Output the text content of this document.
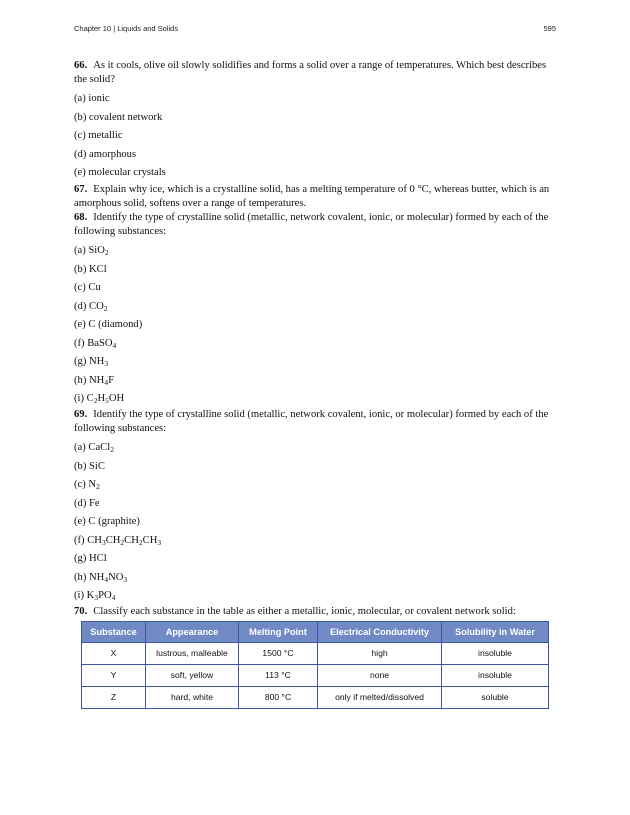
Chapter 10 | Liquids and Solids	595
66. As it cools, olive oil slowly solidifies and forms a solid over a range of temperatures. Which best describes the solid?
(a) ionic
(b) covalent network
(c) metallic
(d) amorphous
(e) molecular crystals
67. Explain why ice, which is a crystalline solid, has a melting temperature of 0 °C, whereas butter, which is an amorphous solid, softens over a range of temperatures.
68. Identify the type of crystalline solid (metallic, network covalent, ionic, or molecular) formed by each of the following substances:
(a) SiO$_2$
(b) KCl
(c) Cu
(d) $CO_2$
(e) C (diamond)
(f) BaSO$_4$
(g) $NH_3$
(h) $NH_4F$
(i) $C_2H_5OH$
69. Identify the type of crystalline solid (metallic, network covalent, ionic, or molecular) formed by each of the following substances:
(a) CaCl$_2$
(b) SiC
(c) $N_2$
(d) Fe
(e) C (graphite)
(f) $CH_3CH_2CH_2CH_3$
(g) HCl
(h) $NH_4NO_3$
(i) $K_3PO_4$
70. Classify each substance in the table as either a metallic, ionic, molecular, or covalent network solid:
Substance	Appearance	Melting Point	Electrical Conductivity	Solubility in Water
X	lustrous, malleable	1500 °C	high	insoluble
Y	soft, yellow	113 °C	none	insoluble
Z	hard, white	800 °C	only if melted/dissolved	soluble
